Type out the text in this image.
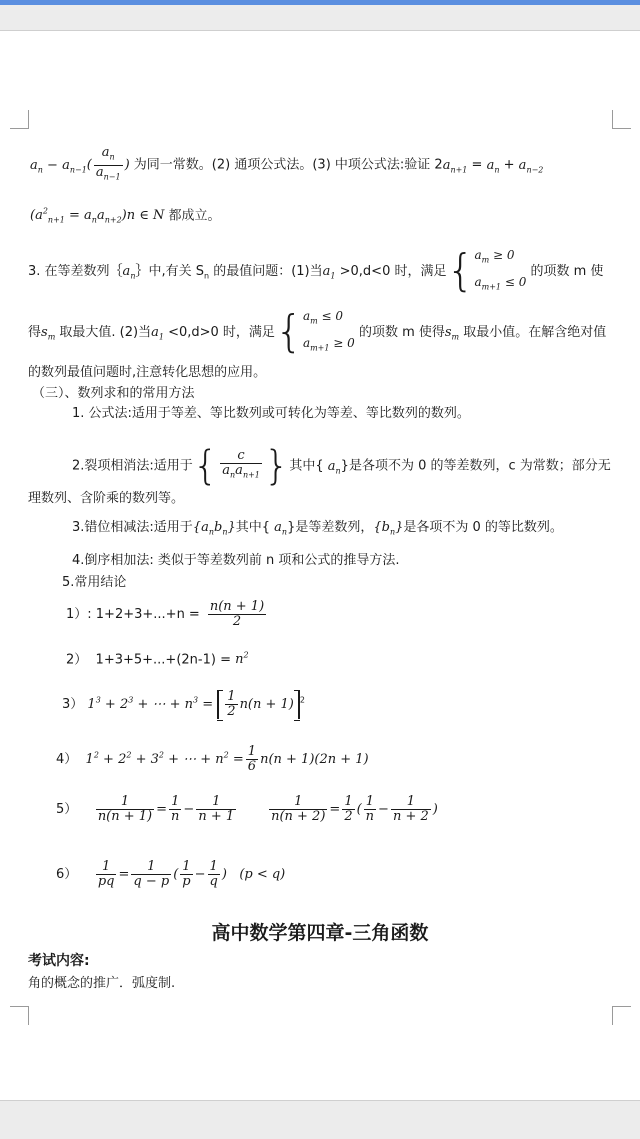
$a_n - a_{n-1}( \frac{a_n}{a_{n-1}}$ ) 为同一常数。(2) 通项公式法。(3) 中项公式法:验证 $2a_{n+1} = a_n + a_{n-2}$
$(a^2_{n+1} = a_na_{n+2})n$ ∈ N 都成立。
3. 在等差数列$\{a_n\}$中,有关 $S_n$ 的最值问题：(1)当$a_1 >0,d<0$ 时，满足{ $a_m \ge 0$
$a_{m+1} \le 0$
的项数 m 使
得$s_m$ 取最大值. (2)当$a_1 <0,d>0$ 时，满足{ $a_m \le 0$
$a_{m+1} \ge 0$
的项数 m 使得$s_m$ 取最小值。在解含绝对值
的数列最值问题时,注意转化思想的应用。
（三）、数列求和的常用方法
1. 公式法:适用于等差、等比数列或可转化为等差、等比数列的数列。
2.裂项相消法:适用于{ $\frac{c}{a_na_{n+1}}$ }其中{ $a_n$}是各项不为 0 的等差数列，c 为常数；部分无
理数列、含阶乘的数列等。
3.错位相减法:适用于$\{a_nb_n\}$其中{ $a_n$}是等差数列，$\{b_n\}$是各项不为 0 的等比数列。
4.倒序相加法: 类似于等差数列前 n 项和公式的推导方法.
5.常用结论
1）: $1+2+3+...+n = \frac{n(n + 1)}{2}$
2） $1+3+5+...+(2n-1) = n^2$
3） $1^3 + 2^3$ + ⋯ + $n^3 = \frac{1}{2} n(n + 1)$ $^2$
4） $1^2 + 2^2 + 3^2$ + ⋯ + $n^2 = \frac{1}{6} n(n + 1)(2n + 1)$
$5) \frac{1}{n(n + 1)} = \frac{1}{n} - \frac{1}{n + 1}$
	$\frac{1}{n(n + 2)} = \frac{1}{2}$ ( $\frac{1}{n} - \frac{1}{n + 2}$ )
$6) \frac{1}{pq} = \frac{1}{q - p}$ ( $\frac{1}{p} - \frac{1}{q}$ ) (p < q)
高中数学第四章-三角函数
考试内容:
角的概念的推广．弧度制.
